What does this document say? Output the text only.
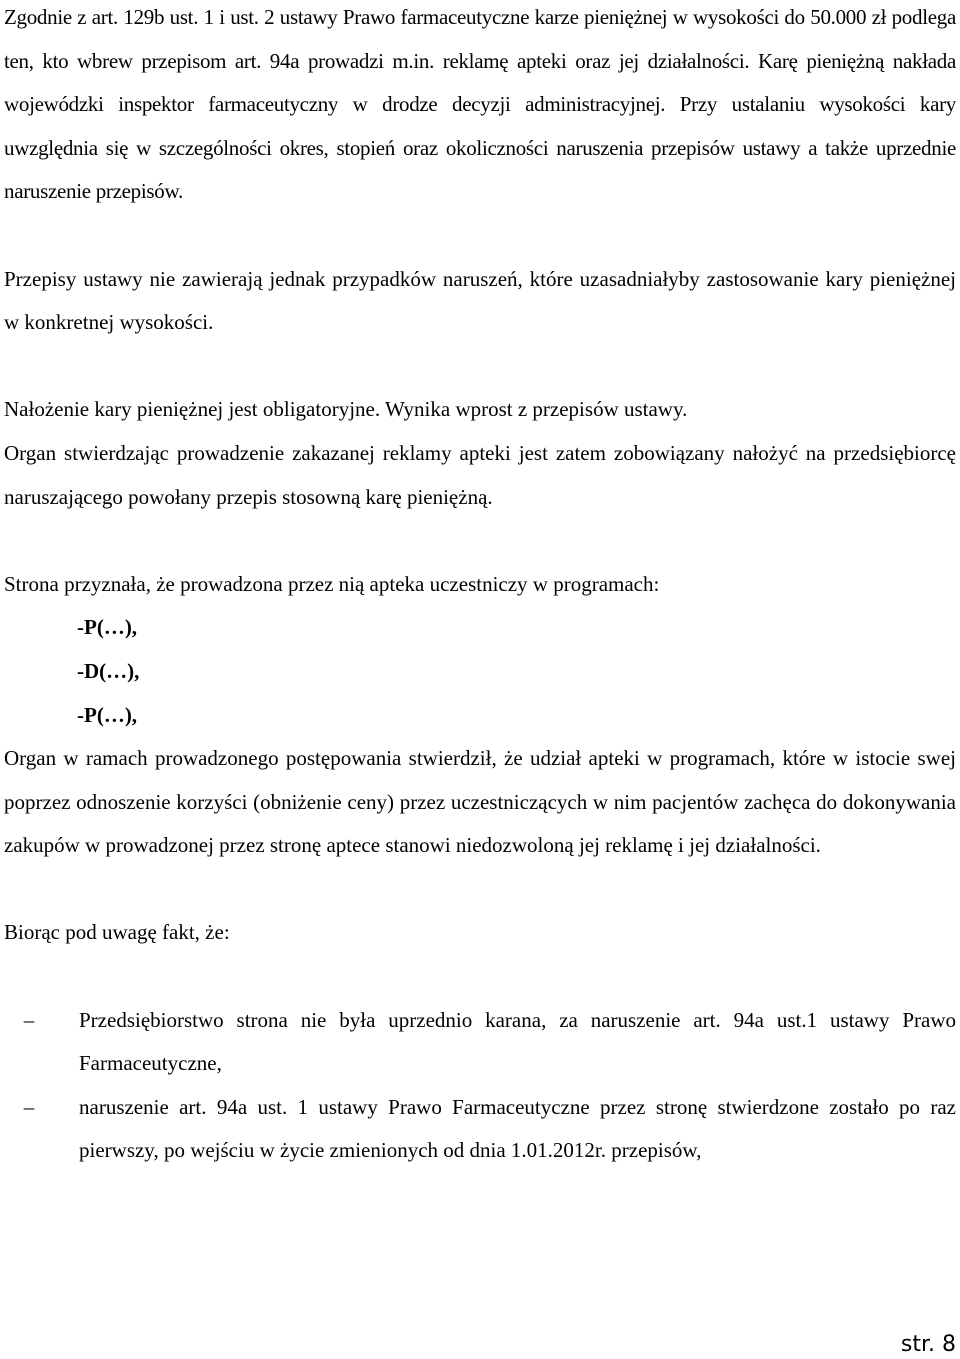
Zgodnie z art. 129b ust. 1 i ust. 2 ustawy Prawo farmaceutyczne karze pieniężnej w wysokości do 50.000 zł podlega ten, kto wbrew przepisom art. 94a prowadzi m.in. reklamę apteki oraz jej działalności. Karę pieniężną nakłada wojewódzki inspektor farmaceutyczny w drodze decyzji administracyjnej. Przy ustalaniu wysokości kary uwzględnia się w szczególności okres, stopień oraz okoliczności naruszenia przepisów ustawy a także uprzednie naruszenie przepisów.

Przepisy ustawy nie zawierają jednak przypadków naruszeń, które uzasadniałyby zastosowanie kary pieniężnej w konkretnej wysokości.

Nałożenie kary pieniężnej jest obligatoryjne. Wynika wprost z przepisów ustawy.

Organ stwierdzając prowadzenie zakazanej reklamy apteki jest zatem zobowiązany nałożyć na przedsiębiorcę naruszającego powołany przepis stosowną karę pieniężną.

Strona przyznała, że prowadzona przez nią apteka uczestniczy w programach:

-P(…),
-D(…),
-P(…),

Organ w ramach prowadzonego postępowania stwierdził, że udział apteki w programach, które w istocie swej poprzez odnoszenie korzyści (obniżenie ceny) przez uczestniczących w nim pacjentów zachęca do dokonywania zakupów w prowadzonej przez stronę aptece stanowi niedozwoloną jej reklamę i jej działalności.

Biorąc pod uwagę fakt, że:

–	Przedsiębiorstwo strona nie była uprzednio karana, za naruszenie art. 94a ust.1 ustawy Prawo Farmaceutyczne,
–	naruszenie art. 94a ust. 1 ustawy Prawo Farmaceutyczne przez stronę stwierdzone zostało po raz pierwszy, po wejściu w życie zmienionych od dnia 1.01.2012r. przepisów,
str. 8
